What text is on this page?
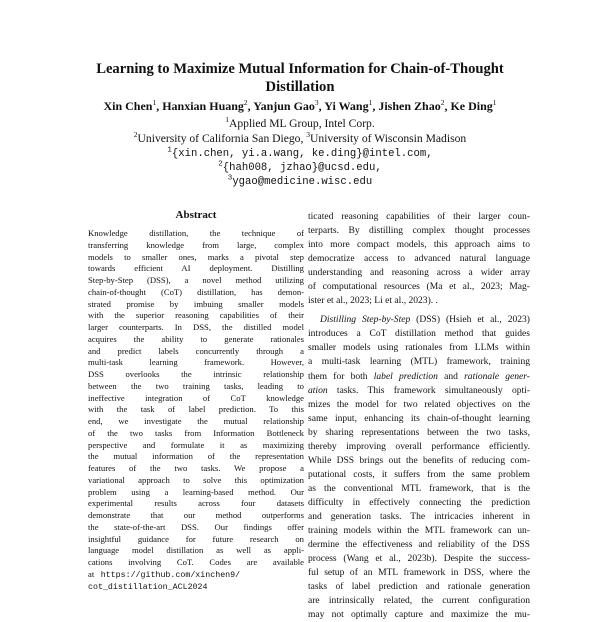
Learning to Maximize Mutual Information for Chain-of-Thought
Distillation
Xin Chen$^1$, Hanxian Huang$^2$, Yanjun Gao$^3$, Yi Wang$^1$, Jishen Zhao$^2$, Ke Ding$^1$
$^1$Applied ML Group, Intel Corp.
$^2$University of California San Diego, $^3$University of Wisconsin Madison
$^1${xin.chen, yi.a.wang, ke.ding}@intel.com,
$^2${hah008, jzhao}@ucsd.edu,
$^3$ygao@medicine.wisc.edu
Abstract
Knowledge distillation, the technique of
transferring knowledge from large, complex
models to smaller ones, marks a pivotal step
towards efficient AI deployment. Distilling
Step-by-Step (DSS), a novel method utilizing
chain-of-thought (CoT) distillation, has demon-
strated promise by imbuing smaller models
with the superior reasoning capabilities of their
larger counterparts. In DSS, the distilled model
acquires the ability to generate rationales
and predict labels concurrently through a
multi-task learning framework. However,
DSS overlooks the intrinsic relationship
between the two training tasks, leading to
ineffective integration of CoT knowledge
with the task of label prediction. To this
end, we investigate the mutual relationship
of the two tasks from Information Bottleneck
perspective and formulate it as maximizing
the mutual information of the representation
features of the two tasks. We propose a
variational approach to solve this optimization
problem using a learning-based method. Our
experimental results across four datasets
demonstrate that our method outperforms
the state-of-the-art DSS. Our findings offer
insightful guidance for future research on
language model distillation as well as appli-
cations involving CoT. Codes are available
at https://github.com/xinchen9/
cot_distillation_ACL2024
ticated reasoning capabilities of their larger coun-
terparts. By distilling complex thought processes
into more compact models, this approach aims to
democratize access to advanced natural language
understanding and reasoning across a wider array
of computational resources (Ma et al., 2023; Mag-
ister et al., 2023; Li et al., 2023). .
Distilling Step-by-Step (DSS) (Hsieh et al., 2023)
introduces a CoT distillation method that guides
smaller models using rationales from LLMs within
a multi-task learning (MTL) framework, training
them for both label prediction and rationale gener-
ation tasks. This framework simultaneously opti-
mizes the model for two related objectives on the
same input, enhancing its chain-of-thought learning
by sharing representations between the two tasks,
thereby improving overall performance efficiently.
While DSS brings out the benefits of reducing com-
putational costs, it suffers from the same problem
as the conventional MTL framework, that is the
difficulty in effectively connecting the prediction
and generation tasks. The intricacies inherent in
training models within the MTL framework can un-
dermine the effectiveness and reliability of the DSS
process (Wang et al., 2023b). Despite the success-
ful setup of an MTL framework in DSS, where the
tasks of label prediction and rationale generation
are intrinsically related, the current configuration
may not optimally capture and maximize the mu-
